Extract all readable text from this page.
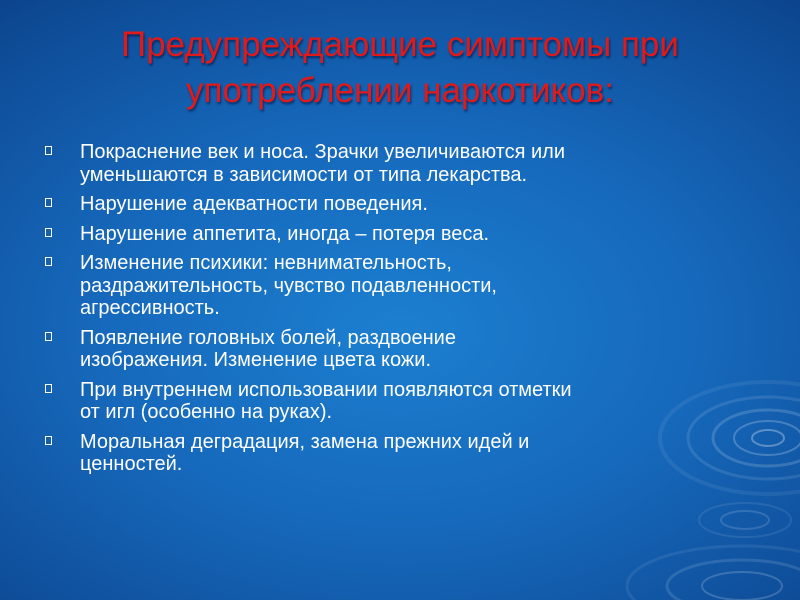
Предупреждающие симптомы при
употреблении наркотиков:
Покраснение век и носа. Зрачки увеличиваются или
уменьшаются в зависимости от типа лекарства.
Нарушение адекватности поведения.
Нарушение аппетита, иногда – потеря веса.
Изменение психики: невнимательность,
раздражительность, чувство подавленности,
агрессивность.
Появление головных болей, раздвоение
изображения. Изменение цвета кожи.
При внутреннем использовании появляются отметки
от игл (особенно на руках).
Моральная деградация, замена прежних идей и
ценностей.
